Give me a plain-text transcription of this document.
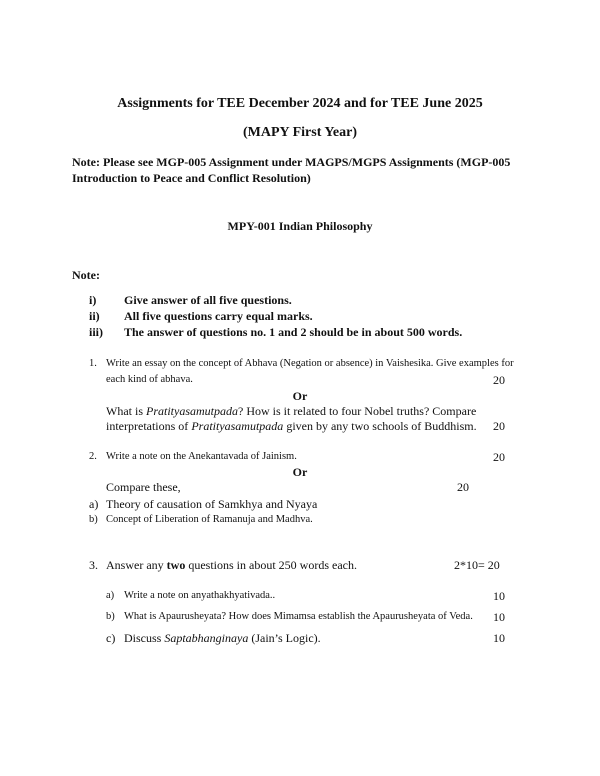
Assignments for TEE December 2024 and for TEE June 2025
(MAPY First Year)
Note: Please see MGP-005 Assignment under MAGPS/MGPS Assignments (MGP-005
Introduction to Peace and Conflict Resolution)
MPY-001 Indian Philosophy
Note:
i) Give answer of all five questions.
ii) All five questions carry equal marks.
iii) The answer of questions no. 1 and 2 should be in about 500 words.
1. Write an essay on the concept of Abhava (Negation or absence) in Vaishesika. Give examples for
each kind of abhava.	20
Or
What is Pratityasamutpada? How is it related to four Nobel truths? Compare
interpretations of Pratityasamutpada given by any two schools of Buddhism. 20
2. Write a note on the Anekantavada of Jainism.	20
Or
Compare these,	20
a) Theory of causation of Samkhya and Nyaya
b) Concept of Liberation of Ramanuja and Madhva.
3. Answer any two questions in about 250 words each.	2*10= 20
a) Write a note on anyathakhyativada..	10
b) What is Apaurusheyata? How does Mimamsa establish the Apaurusheyata of Veda. 10
c) Discuss Saptabhanginaya (Jain’s Logic).	10
